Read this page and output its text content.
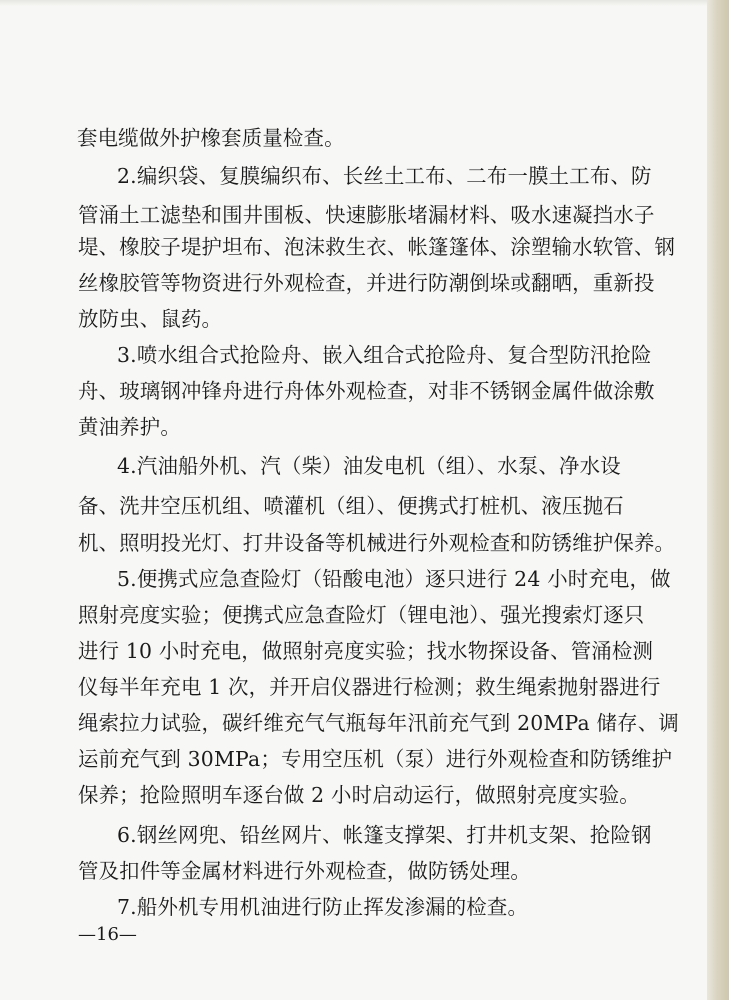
套电缆做外护橡套质量检查。
2.编织袋、复膜编织布、长丝土工布、二布一膜土工布、防
管涌土工滤垫和围井围板、快速膨胀堵漏材料、吸水速凝挡水子
堤、橡胶子堤护坦布、泡沫救生衣、帐篷篷体、涂塑输水软管、钢
丝橡胶管等物资进行外观检查，并进行防潮倒垛或翻晒，重新投
放防虫、鼠药。
3.喷水组合式抢险舟、嵌入组合式抢险舟、复合型防汛抢险
舟、玻璃钢冲锋舟进行舟体外观检查，对非不锈钢金属件做涂敷
黄油养护。
4.汽油船外机、汽（柴）油发电机（组）、水泵、净水设
备、洗井空压机组、喷灌机（组）、便携式打桩机、液压抛石
机、照明投光灯、打井设备等机械进行外观检查和防锈维护保养。
5.便携式应急查险灯（铅酸电池）逐只进行 24 小时充电，做
照射亮度实验；便携式应急查险灯（锂电池）、强光搜索灯逐只
进行 10 小时充电，做照射亮度实验；找水物探设备、管涌检测
仪每半年充电 1 次，并开启仪器进行检测；救生绳索抛射器进行
绳索拉力试验，碳纤维充气气瓶每年汛前充气到 20MPa 储存、调
运前充气到 30MPa；专用空压机（泵）进行外观检查和防锈维护
保养；抢险照明车逐台做 2 小时启动运行，做照射亮度实验。
6.钢丝网兜、铅丝网片、帐篷支撑架、打井机支架、抢险钢
管及扣件等金属材料进行外观检查，做防锈处理。
7.船外机专用机油进行防止挥发渗漏的检查。
—16—
